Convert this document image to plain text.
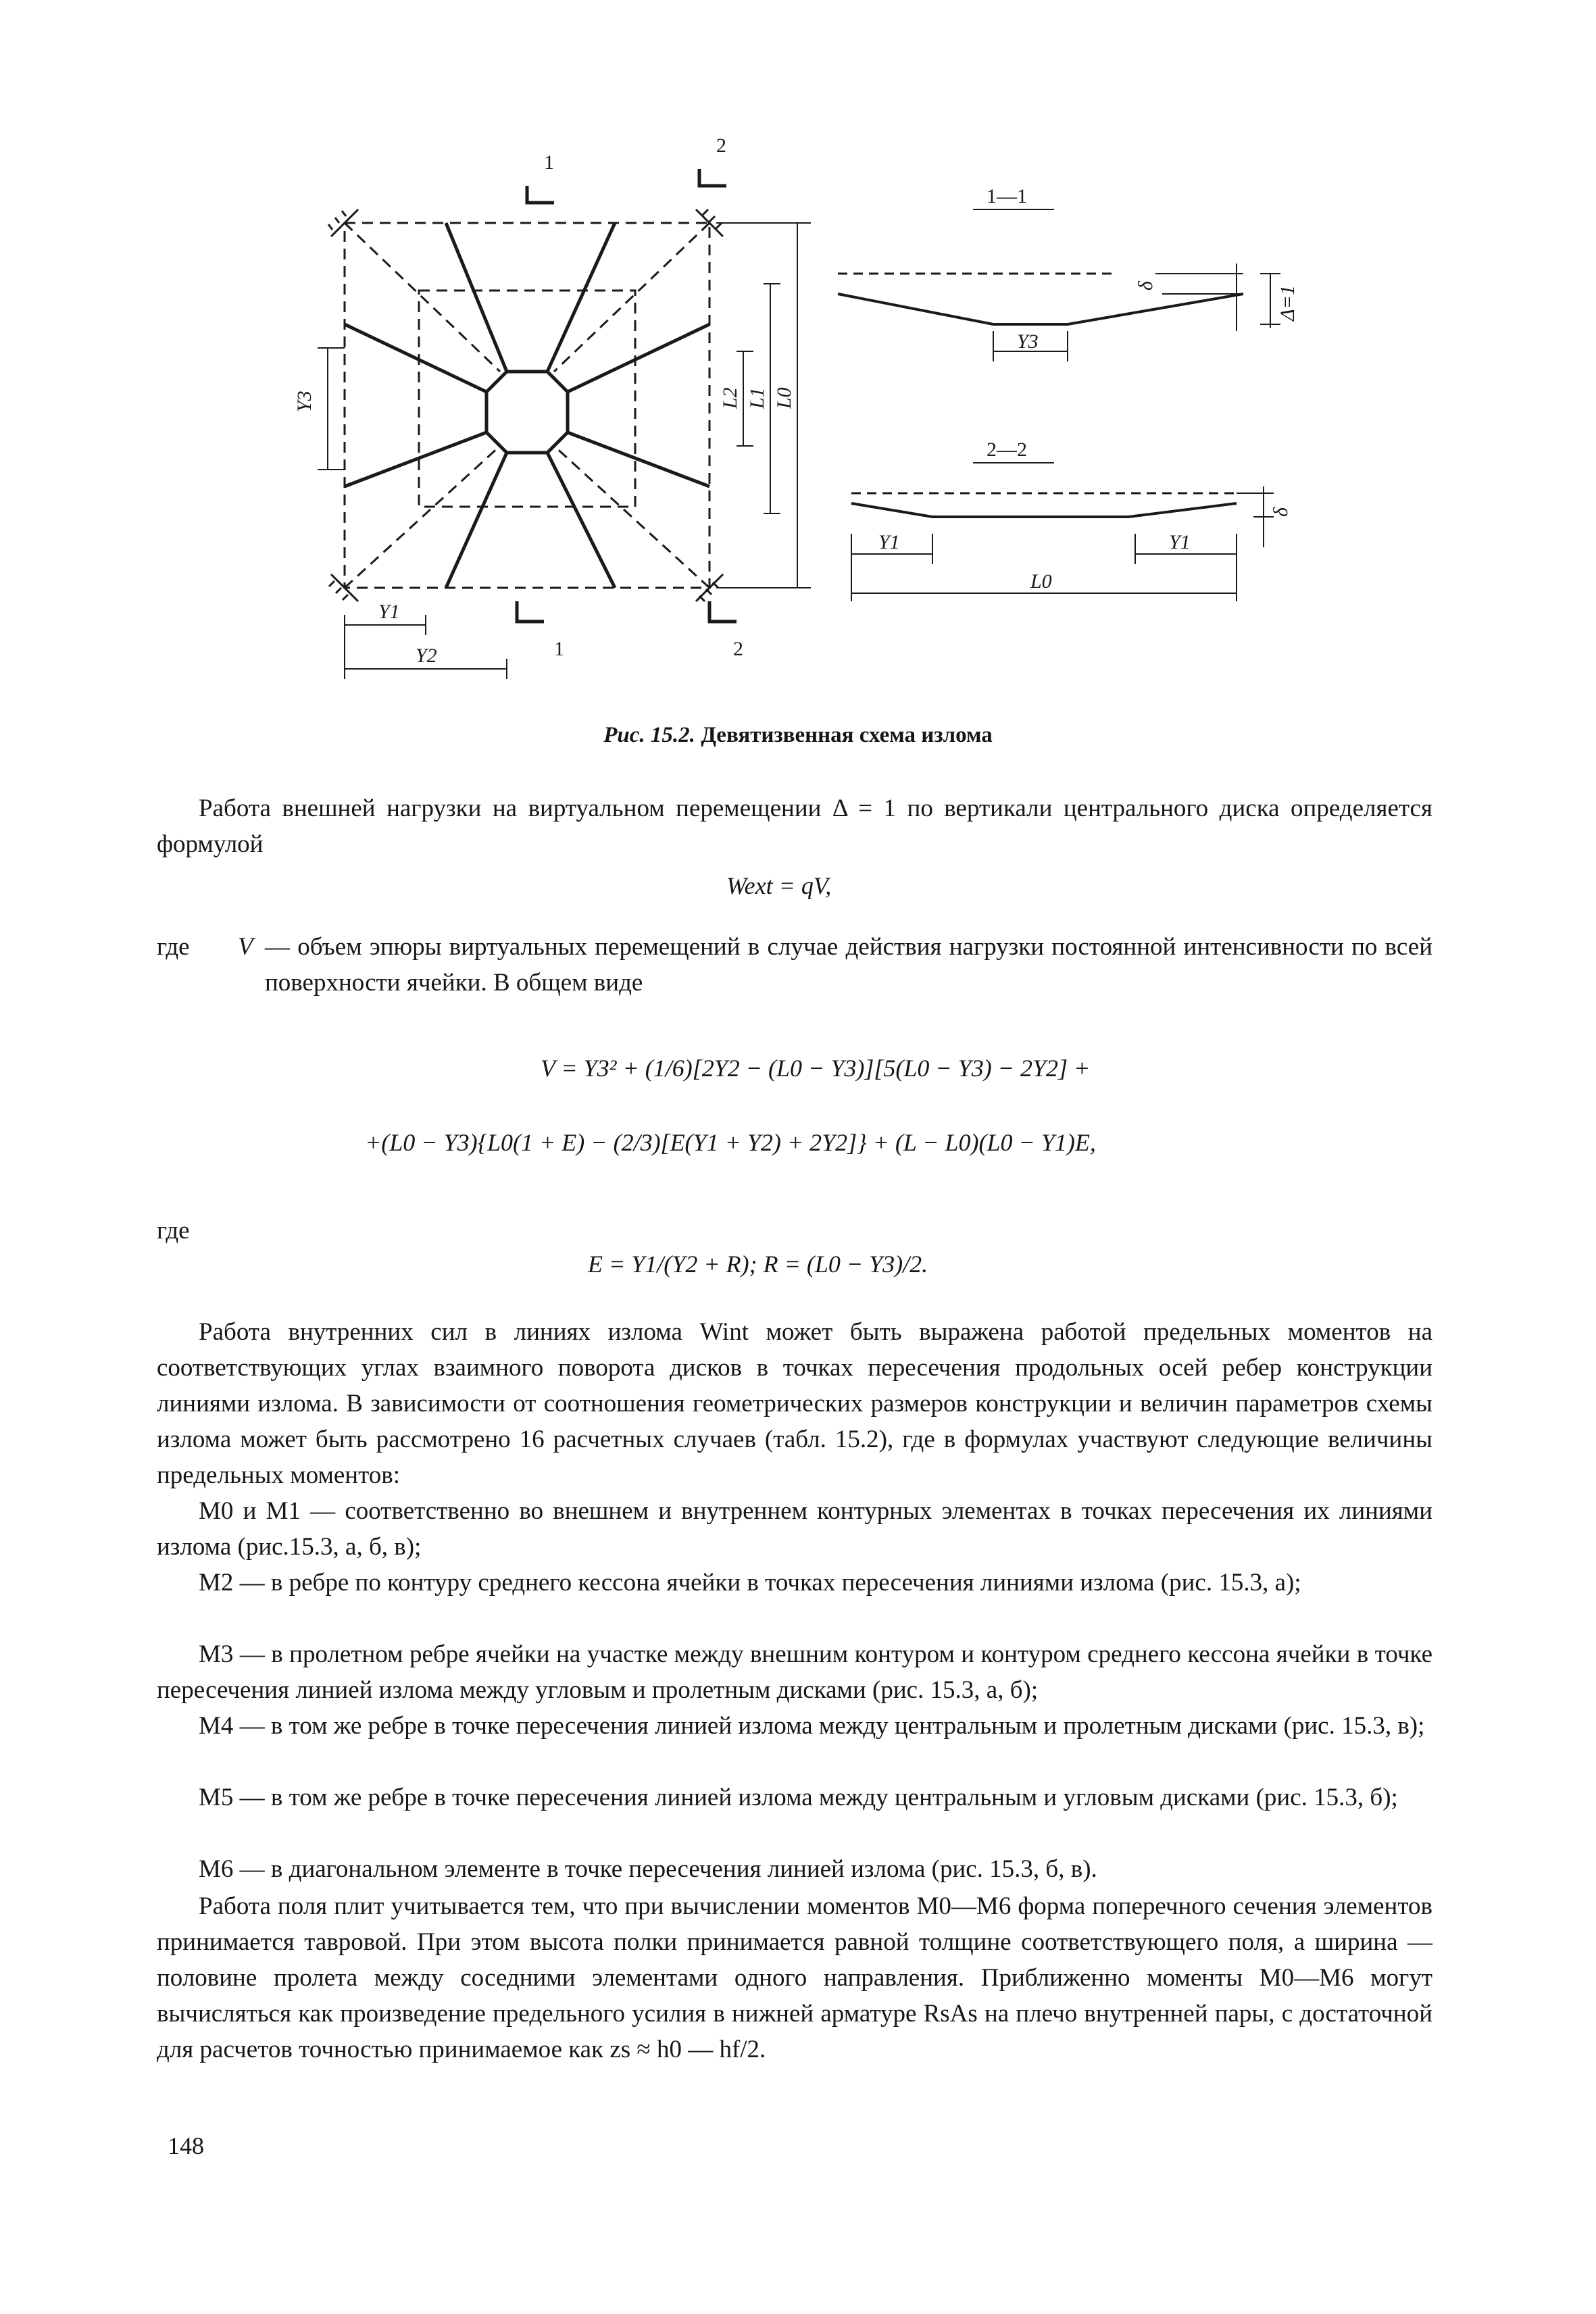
1
2
1	2
Y3	L2 L1 L0
Y1
Y2
1—1
δ	Δ=1
Y3
2—2
Y1	Y1
L0
δ
Рис. 15.2. Девятизвенная схема излома
Работа внешней нагрузки на виртуальном перемещении Δ = 1 по вертикали центрального диска определяется формулой
Wext = qV,
где V — объем эпюры виртуальных перемещений в случае действия нагрузки постоянной интенсивности по всей поверхности ячейки. В общем виде
V = Y3² + (1/6)[2Y2 − (L0 − Y3)][5(L0 − Y3) − 2Y2] +
+(L0 − Y3){L0(1 + E) − (2/3)[E(Y1 + Y2) + 2Y2]} + (L − L0)(L0 − Y1)E,
где
E = Y1/(Y2 + R); R = (L0 − Y3)/2.
Работа внутренних сил в линиях излома Wint может быть выражена работой предельных моментов на соответствующих углах взаимного поворота дисков в точках пересечения продольных осей ребер конструкции линиями излома. В зависимости от соотношения геометрических размеров конструкции и величин параметров схемы излома может быть рассмотрено 16 расчетных случаев (табл. 15.2), где в формулах участвуют следующие величины предельных моментов:
M0 и M1 — соответственно во внешнем и внутреннем контурных элементах в точках пересечения их линиями излома (рис.15.3, а, б, в);
M2 — в ребре по контуру среднего кессона ячейки в точках пересечения линиями излома (рис. 15.3, а);
M3 — в пролетном ребре ячейки на участке между внешним контуром и контуром среднего кессона ячейки в точке пересечения линией излома между угловым и пролетным дисками (рис. 15.3, а, б);
M4 — в том же ребре в точке пересечения линией излома между центральным и пролетным дисками (рис. 15.3, в);
M5 — в том же ребре в точке пересечения линией излома между центральным и угловым дисками (рис. 15.3, б);
M6 — в диагональном элементе в точке пересечения линией излома (рис. 15.3, б, в).
Работа поля плит учитывается тем, что при вычислении моментов M0—M6 форма поперечного сечения элементов принимается тавровой. При этом высота полки принимается равной толщине соответствующего поля, а ширина — половине пролета между соседними элементами одного направления. Приближенно моменты M0—M6 могут вычисляться как произведение предельного усилия в нижней арматуре RsAs на плечо внутренней пары, с достаточной для расчетов точностью принимаемое как zs ≈ h0 — hf/2.
148
